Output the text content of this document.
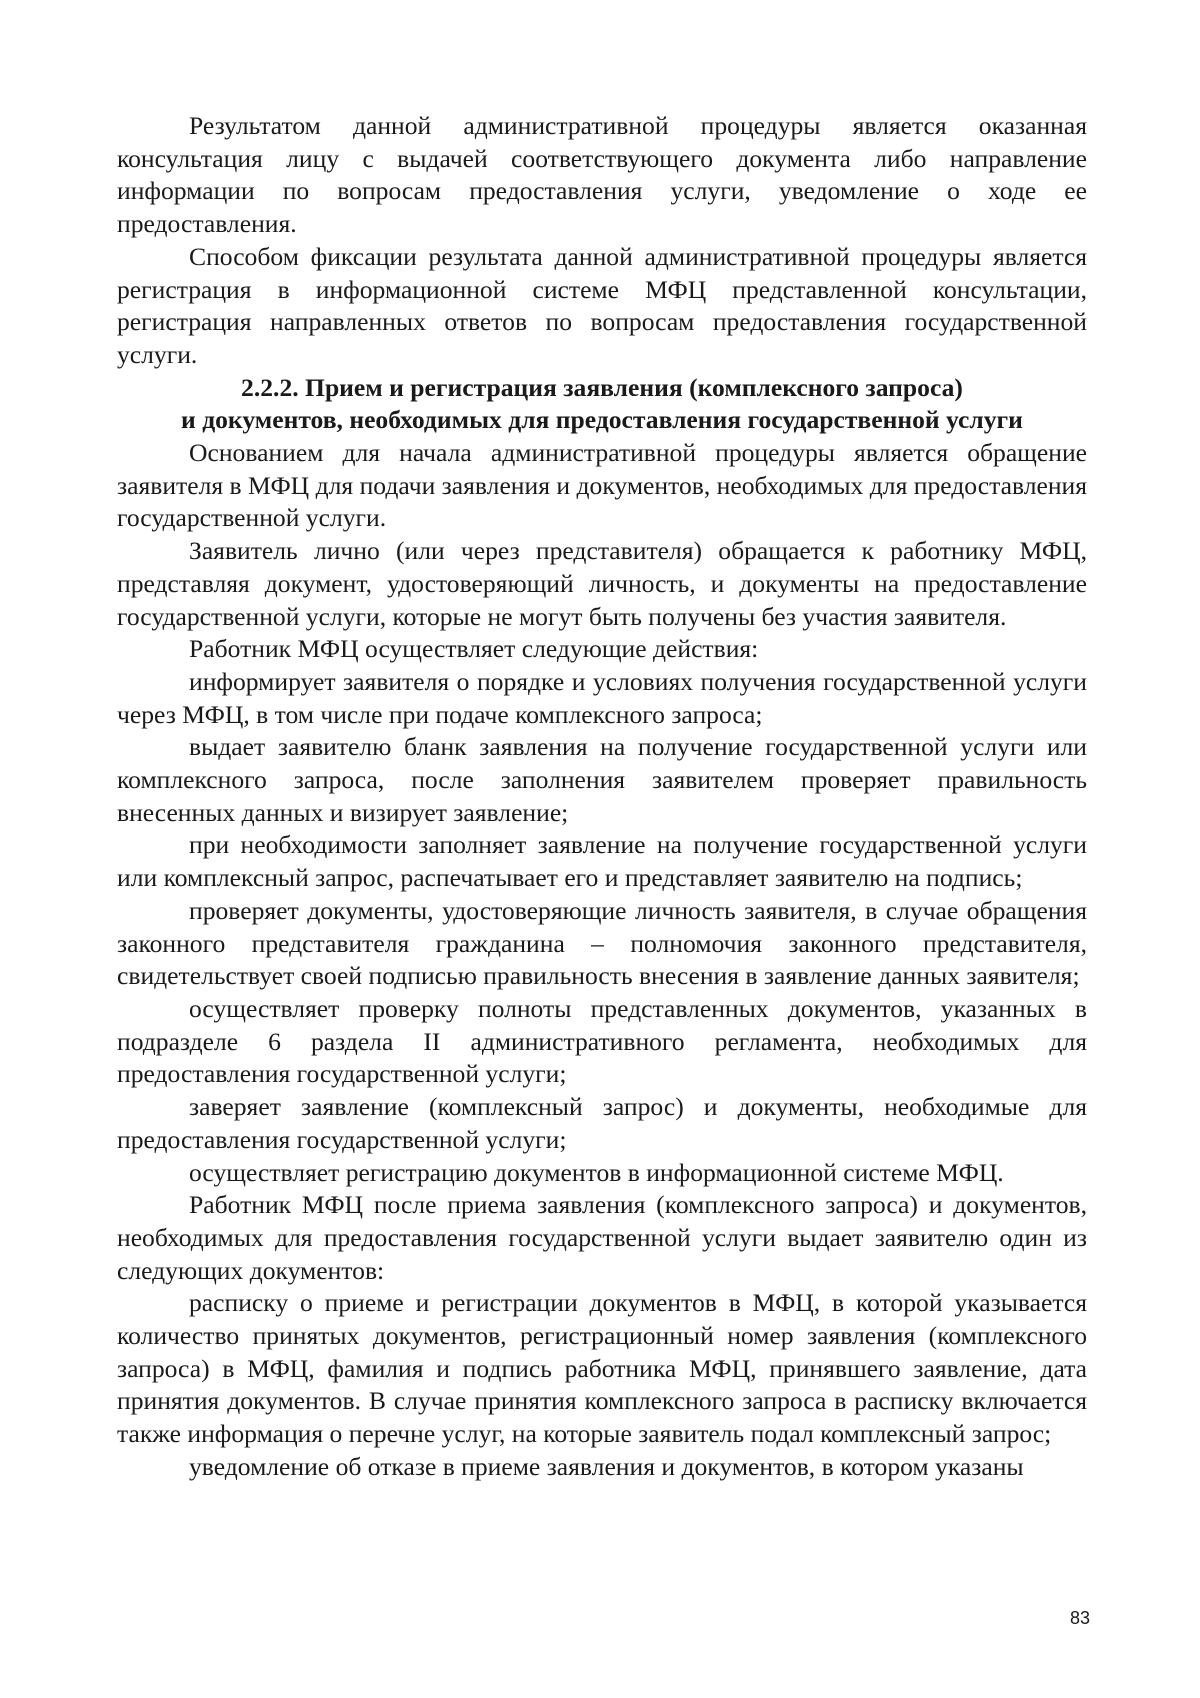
Результатом данной административной процедуры является оказанная консультация лицу с выдачей соответствующего документа либо направление информации по вопросам предоставления услуги, уведомление о ходе ее предоставления.

Способом фиксации результата данной административной процедуры является регистрация в информационной системе МФЦ представленной консультации, регистрация направленных ответов по вопросам предоставления государственной услуги.

2.2.2. Прием и регистрация заявления (комплексного запроса)
и документов, необходимых для предоставления государственной услуги

Основанием для начала административной процедуры является обращение заявителя в МФЦ для подачи заявления и документов, необходимых для предоставления государственной услуги.

Заявитель лично (или через представителя) обращается к работнику МФЦ, представляя документ, удостоверяющий личность, и документы на предоставление государственной услуги, которые не могут быть получены без участия заявителя.

Работник МФЦ осуществляет следующие действия:

информирует заявителя о порядке и условиях получения государственной услуги через МФЦ, в том числе при подаче комплексного запроса;

выдает заявителю бланк заявления на получение государственной услуги или комплексного запроса, после заполнения заявителем проверяет правильность внесенных данных и визирует заявление;

при необходимости заполняет заявление на получение государственной услуги или комплексный запрос, распечатывает его и представляет заявителю на подпись;

проверяет документы, удостоверяющие личность заявителя, в случае обращения законного представителя гражданина – полномочия законного представителя, свидетельствует своей подписью правильность внесения в заявление данных заявителя;

осуществляет проверку полноты представленных документов, указанных в подразделе 6 раздела II административного регламента, необходимых для предоставления государственной услуги;

заверяет заявление (комплексный запрос) и документы, необходимые для предоставления государственной услуги;

осуществляет регистрацию документов в информационной системе МФЦ.

Работник МФЦ после приема заявления (комплексного запроса) и документов, необходимых для предоставления государственной услуги выдает заявителю один из следующих документов:

расписку о приеме и регистрации документов в МФЦ, в которой указывается количество принятых документов, регистрационный номер заявления (комплексного запроса) в МФЦ, фамилия и подпись работника МФЦ, принявшего заявление, дата принятия документов. В случае принятия комплексного запроса в расписку включается также информация о перечне услуг, на которые заявитель подал комплексный запрос;

уведомление об отказе в приеме заявления и документов, в котором указаны

83
